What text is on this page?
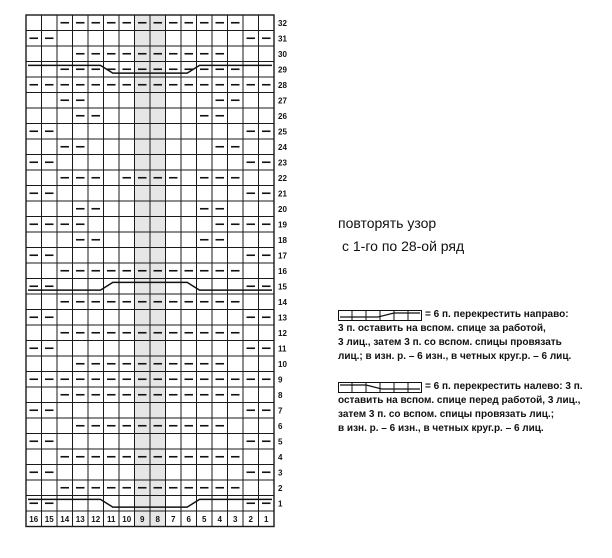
1
2
3
4
5
6
7
8
9
10
11
12
13
14
15
16
17
18
19
20
21
22
23
24
25
26
27
28
29
30
31
32
16 15 14 13 12 11 10 9 8 7 6 5 4 3 2 1
повторять узор
с 1-го по 28-ой ряд
= 6 п. перекрестить направо:
3 п. оставить на вспом. спице за работой,
3 лиц., затем 3 п. со вспом. спицы провязать
лиц.; в изн. р. – 6 изн., в четных круг.р. – 6 лиц.
= 6 п. перекрестить налево: 3 п.
оставить на вспом. спице перед работой, 3 лиц.,
затем 3 п. со вспом. спицы провязать лиц.;
в изн. р. – 6 изн., в четных круг.р. – 6 лиц.
